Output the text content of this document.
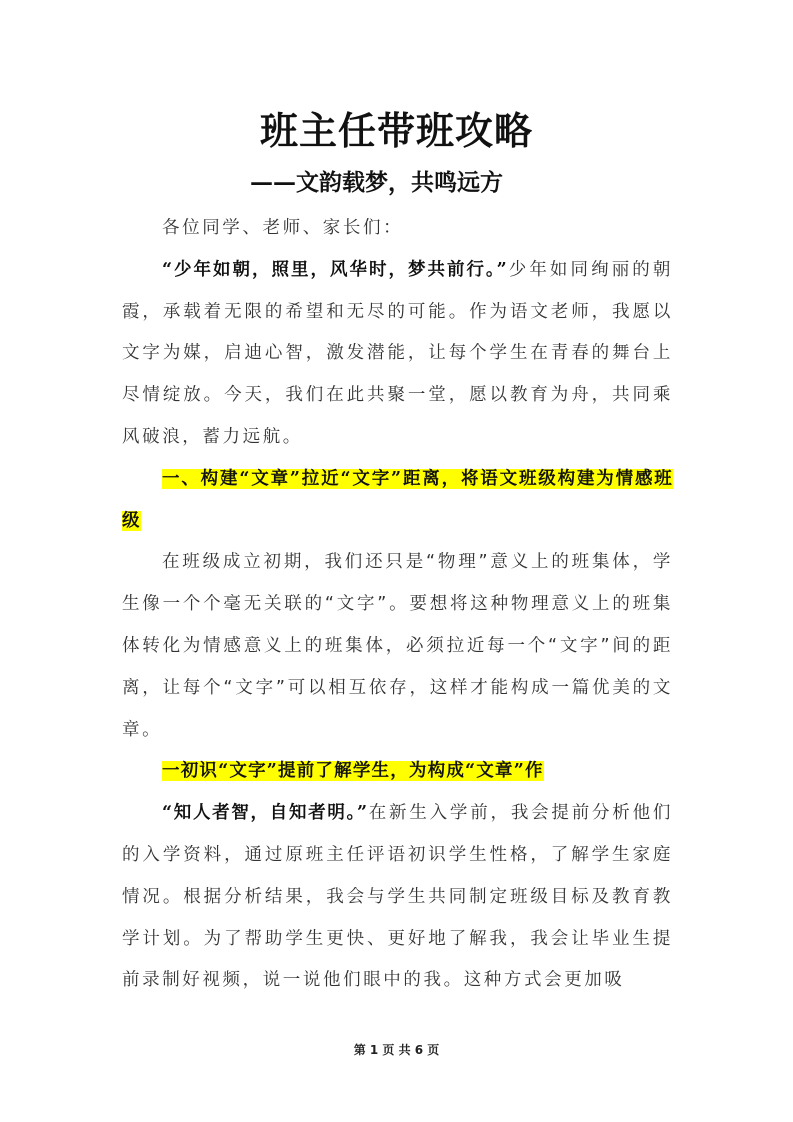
班主任带班攻略
——文韵载梦，共鸣远方

各位同学、老师、家长们：

“少年如朝，照里，风华时，梦共前行。”少年如同绚丽的朝霞，承载着无限的希望和无尽的可能。作为语文老师，我愿以文字为媒，启迪心智，激发潜能，让每个学生在青春的舞台上尽情绽放。今天，我们在此共聚一堂，愿以教育为舟，共同乘风破浪，蓄力远航。

一、构建“文章”拉近“文字”距离，将语文班级构建为情感班级

在班级成立初期，我们还只是“物理”意义上的班集体，学生像一个个毫无关联的“文字”。要想将这种物理意义上的班集体转化为情感意义上的班集体，必须拉近每一个“文字”间的距离，让每个“文字”可以相互依存，这样才能构成一篇优美的文章。

一初识“文字”提前了解学生，为构成“文章”作

“知人者智，自知者明。”在新生入学前，我会提前分析他们的入学资料，通过原班主任评语初识学生性格，了解学生家庭情况。根据分析结果，我会与学生共同制定班级目标及教育教学计划。为了帮助学生更快、更好地了解我，我会让毕业生提前录制好视频，说一说他们眼中的我。这种方式会更加吸

第 1 页 共 6 页
